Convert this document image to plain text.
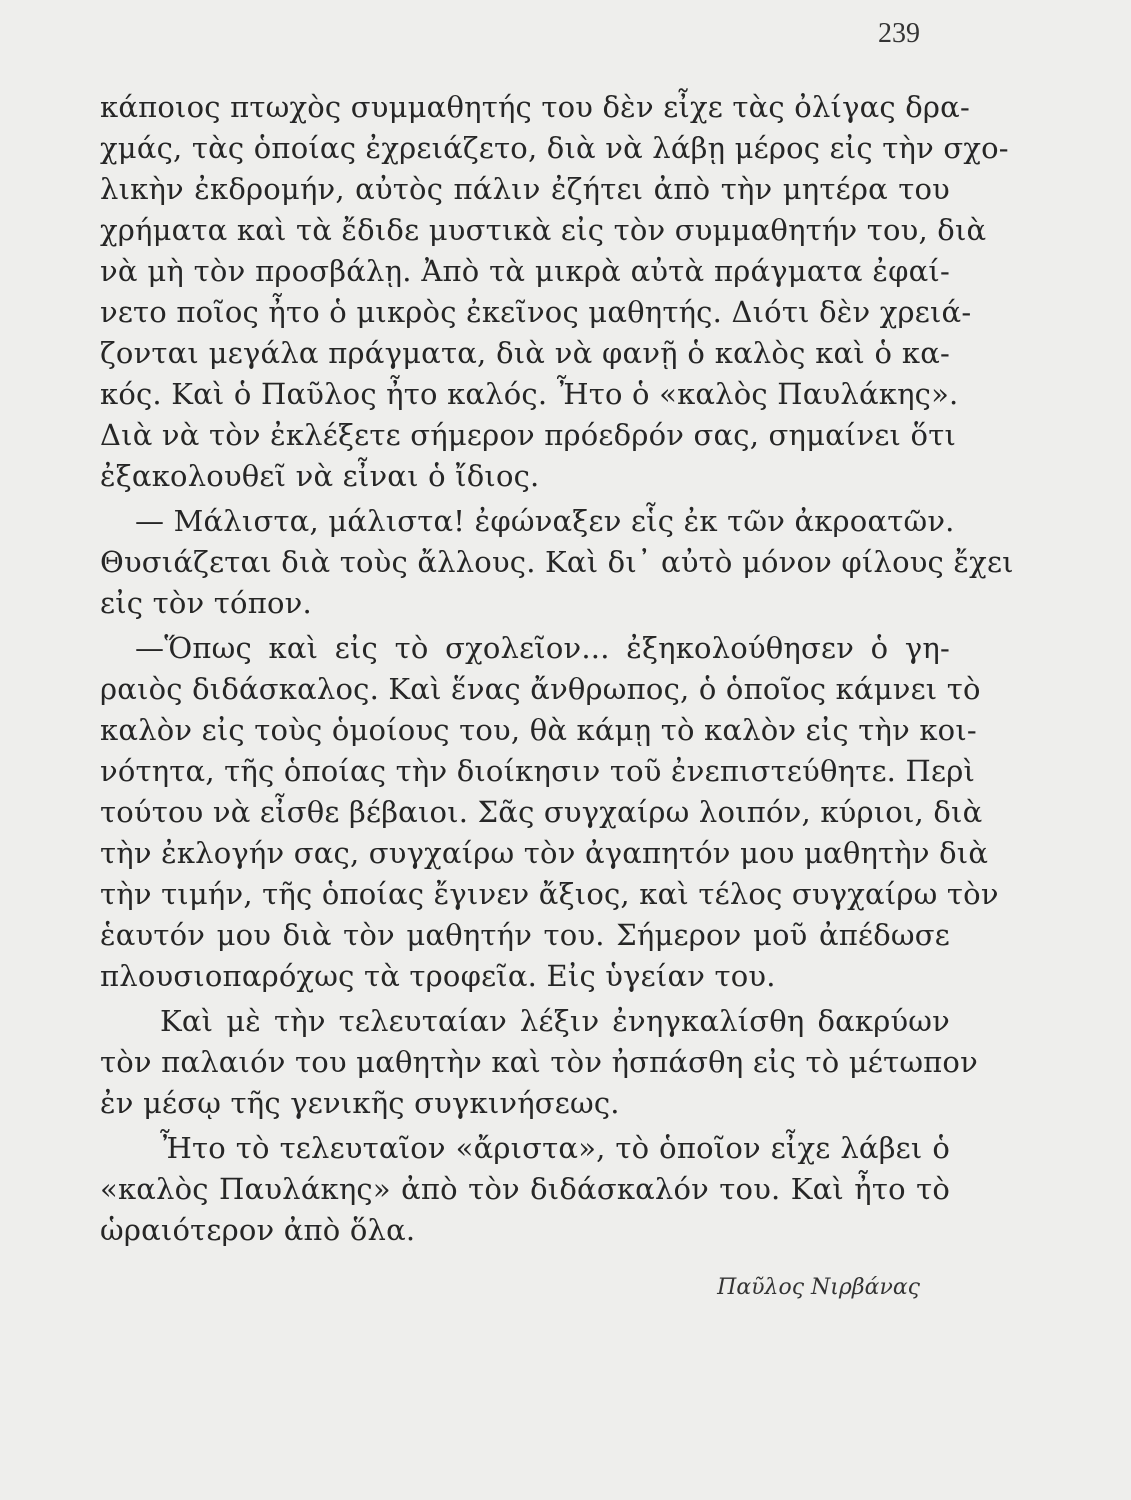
239
κάποιος πτωχὸς συμμαθητής του δὲν εἶχε τὰς ὀλίγας δρα-
χμάς, τὰς ὁποίας ἐχρειάζετο, διὰ νὰ λάβῃ μέρος εἰς τὴν σχο-
λικὴν ἐκδρομήν, αὐτὸς πάλιν ἐζήτει ἀπὸ τὴν μητέρα του
χρήματα καὶ τὰ ἔδιδε μυστικὰ εἰς τὸν συμμαθητήν του, διὰ
νὰ μὴ τὸν προσβάλῃ. Ἀπὸ τὰ μικρὰ αὐτὰ πράγματα ἐφαί-
νετο ποῖος ἦτο ὁ μικρὸς ἐκεῖνος μαθητής. Διότι δὲν χρειά-
ζονται μεγάλα πράγματα, διὰ νὰ φανῇ ὁ καλὸς καὶ ὁ κα-
κός. Καὶ ὁ Παῦλος ἦτο καλός. Ἦτο ὁ «καλὸς Παυλάκης».
Διὰ νὰ τὸν ἐκλέξετε σήμερον πρόεδρόν σας, σημαίνει ὅτι
ἐξακολουθεῖ νὰ εἶναι ὁ ἴδιος.
— Μάλιστα, μάλιστα! ἐφώναξεν εἷς ἐκ τῶν ἀκροατῶν.
Θυσιάζεται διὰ τοὺς ἄλλους. Καὶ δι᾽ αὐτὸ μόνον φίλους ἔχει
εἰς τὸν τόπον.
—Ὅπως καὶ εἰς τὸ σχολεῖον... ἐξηκολούθησεν ὁ γη-
ραιὸς διδάσκαλος. Καὶ ἕνας ἄνθρωπος, ὁ ὁποῖος κάμνει τὸ
καλὸν εἰς τοὺς ὁμοίους του, θὰ κάμῃ τὸ καλὸν εἰς τὴν κοι-
νότητα, τῆς ὁποίας τὴν διοίκησιν τοῦ ἐνεπιστεύθητε. Περὶ
τούτου νὰ εἶσθε βέβαιοι. Σᾶς συγχαίρω λοιπόν, κύριοι, διὰ
τὴν ἐκλογήν σας, συγχαίρω τὸν ἀγαπητόν μου μαθητὴν διὰ
τὴν τιμήν, τῆς ὁποίας ἔγινεν ἄξιος, καὶ τέλος συγχαίρω τὸν
ἑαυτόν μου διὰ τὸν μαθητήν του. Σήμερον μοῦ ἀπέδωσε
πλουσιοπαρόχως τὰ τροφεῖα. Εἰς ὑγείαν του.
Καὶ μὲ τὴν τελευταίαν λέξιν ἐνηγκαλίσθη δακρύων
τὸν παλαιόν του μαθητὴν καὶ τὸν ἠσπάσθη εἰς τὸ μέτωπον
ἐν μέσῳ τῆς γενικῆς συγκινήσεως.
Ἦτο τὸ τελευταῖον «ἄριστα», τὸ ὁποῖον εἶχε λάβει ὁ
«καλὸς Παυλάκης» ἀπὸ τὸν διδάσκαλόν του. Καὶ ἦτο τὸ
ὡραιότερον ἀπὸ ὅλα.
Παῦλος Νιρβάνας
